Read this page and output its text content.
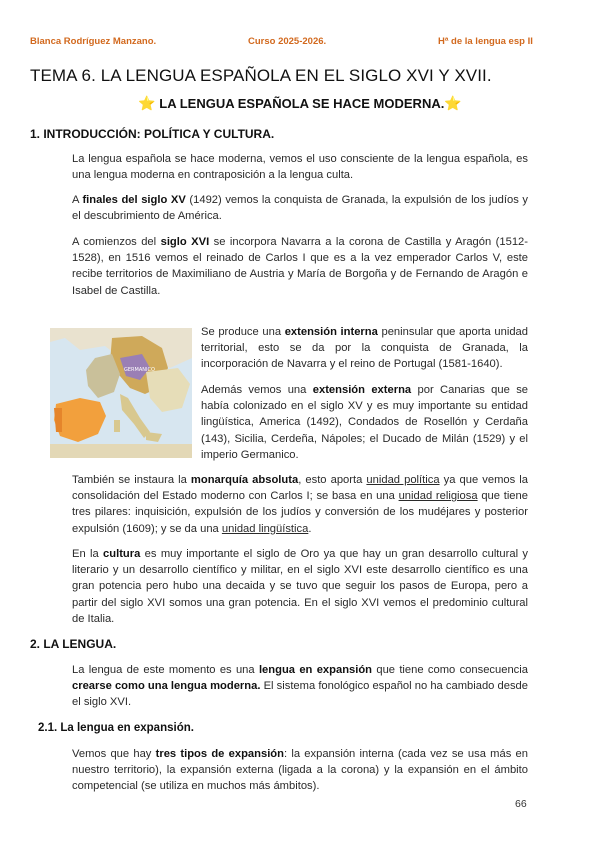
Blanca Rodríguez Manzano.	Curso 2025-2026.	Hª de la lengua esp II
TEMA 6. LA LENGUA ESPAÑOLA EN EL SIGLO XVI Y XVII.
⭐ LA LENGUA ESPAÑOLA SE HACE MODERNA.⭐
1. INTRODUCCIÓN: POLÍTICA Y CULTURA.
La lengua española se hace moderna, vemos el uso consciente de la lengua española, es una lengua moderna en contraposición a la lengua culta.
A finales del siglo XV (1492) vemos la conquista de Granada, la expulsión de los judíos y el descubrimiento de América.
A comienzos del siglo XVI se incorpora Navarra a la corona de Castilla y Aragón (1512-1528), en 1516 vemos el reinado de Carlos I que es a la vez emperador Carlos V, este recibe territorios de Maximiliano de Austria y María de Borgoña y de Fernando de Aragón e Isabel de Castilla.
GERMANICO
Se produce una extensión interna peninsular que aporta unidad territorial, esto se da por la conquista de Granada, la incorporación de Navarra y el reino de Portugal (1581-1640).
Además vemos una extensión externa por Canarias que se había colonizado en el siglo XV y es muy importante su entidad lingüística, America (1492), Condados de Rosellón y Cerdaña (143), Sicilia, Cerdeña, Nápoles; el Ducado de Milán (1529) y el imperio Germanico.
También se instaura la monarquía absoluta, esto aporta unidad política ya que vemos la consolidación del Estado moderno con Carlos I; se basa en una unidad religiosa que tiene tres pilares: inquisición, expulsión de los judíos y conversión de los mudéjares y posterior expulsión (1609); y se da una unidad lingüística.
En la cultura es muy importante el siglo de Oro ya que hay un gran desarrollo cultural y literario y un desarrollo científico y militar, en el siglo XVI este desarrollo científico es una gran potencia pero hubo una decaida y se tuvo que seguir los pasos de Europa, pero a partir del siglo XVI somos una gran potencia. En el siglo XVI vemos el predominio cultural de Italia.
2. LA LENGUA.
La lengua de este momento es una lengua en expansión que tiene como consecuencia crearse como una lengua moderna. El sistema fonológico español no ha cambiado desde el siglo XVI.
2.1. La lengua en expansión.
Vemos que hay tres tipos de expansión: la expansión interna (cada vez se usa más en nuestro territorio), la expansión externa (ligada a la corona) y la expansión en el ámbito competencial (se utiliza en muchos más ámbitos).
66
